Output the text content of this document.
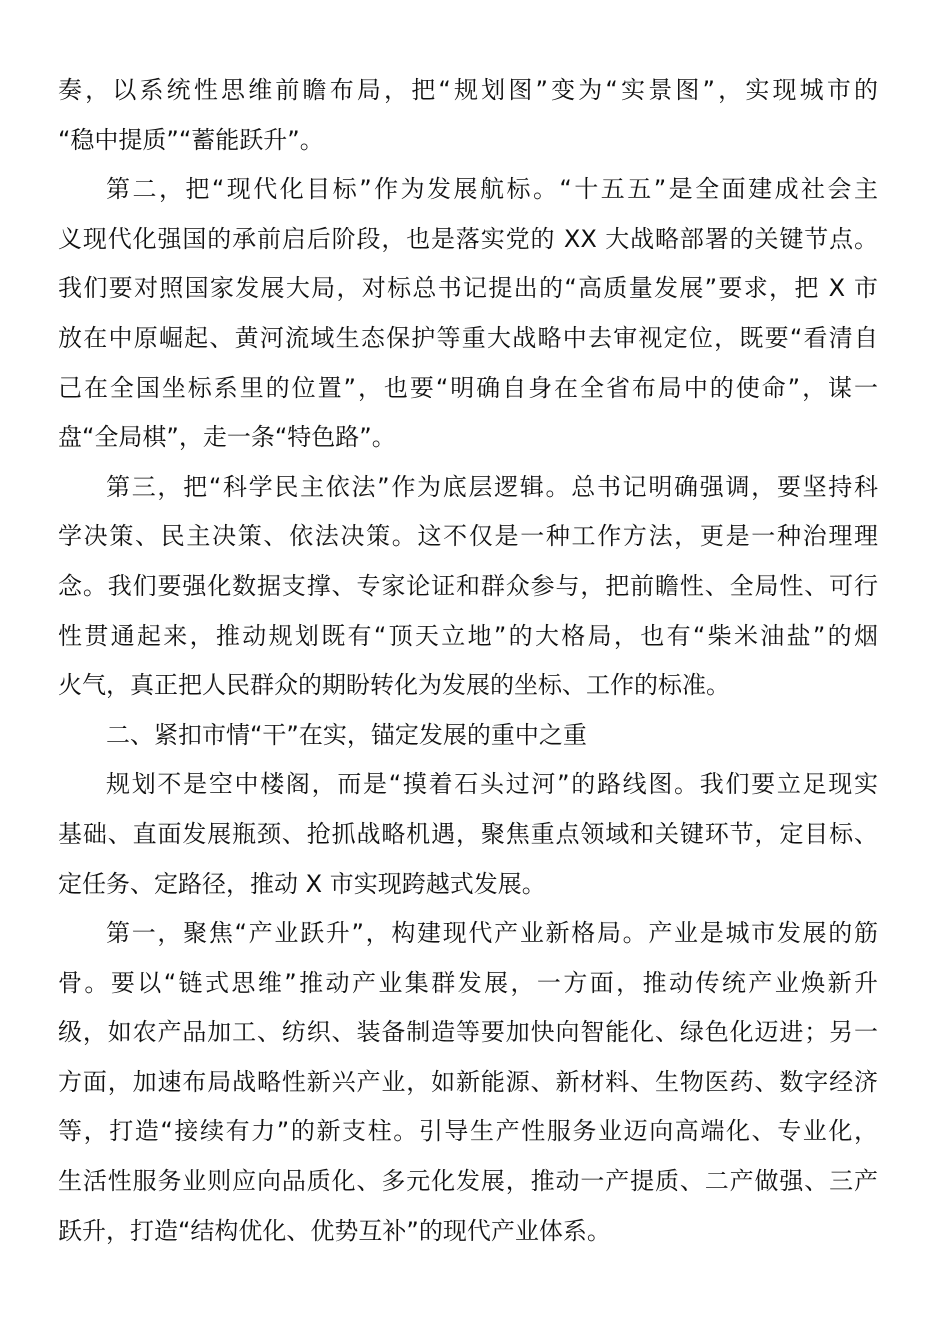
奏，以系统性思维前瞻布局，把“规划图”变为“实景图”，实现城市的
“稳中提质”“蓄能跃升”。
第二，把“现代化目标”作为发展航标。“十五五”是全面建成社会主
义现代化强国的承前启后阶段，也是落实党的 XX 大战略部署的关键节点。
我们要对照国家发展大局，对标总书记提出的“高质量发展”要求，把 X 市
放在中原崛起、黄河流域生态保护等重大战略中去审视定位，既要“看清自
己在全国坐标系里的位置”，也要“明确自身在全省布局中的使命”，谋一
盘“全局棋”，走一条“特色路”。
第三，把“科学民主依法”作为底层逻辑。总书记明确强调，要坚持科
学决策、民主决策、依法决策。这不仅是一种工作方法，更是一种治理理
念。我们要强化数据支撑、专家论证和群众参与，把前瞻性、全局性、可行
性贯通起来，推动规划既有“顶天立地”的大格局，也有“柴米油盐”的烟
火气，真正把人民群众的期盼转化为发展的坐标、工作的标准。
二、紧扣市情“干”在实，锚定发展的重中之重
规划不是空中楼阁，而是“摸着石头过河”的路线图。我们要立足现实
基础、直面发展瓶颈、抢抓战略机遇，聚焦重点领域和关键环节，定目标、
定任务、定路径，推动 X 市实现跨越式发展。
第一，聚焦“产业跃升”，构建现代产业新格局。产业是城市发展的筋
骨。要以“链式思维”推动产业集群发展，一方面，推动传统产业焕新升
级，如农产品加工、纺织、装备制造等要加快向智能化、绿色化迈进；另一
方面，加速布局战略性新兴产业，如新能源、新材料、生物医药、数字经济
等，打造“接续有力”的新支柱。引导生产性服务业迈向高端化、专业化，
生活性服务业则应向品质化、多元化发展，推动一产提质、二产做强、三产
跃升，打造“结构优化、优势互补”的现代产业体系。
